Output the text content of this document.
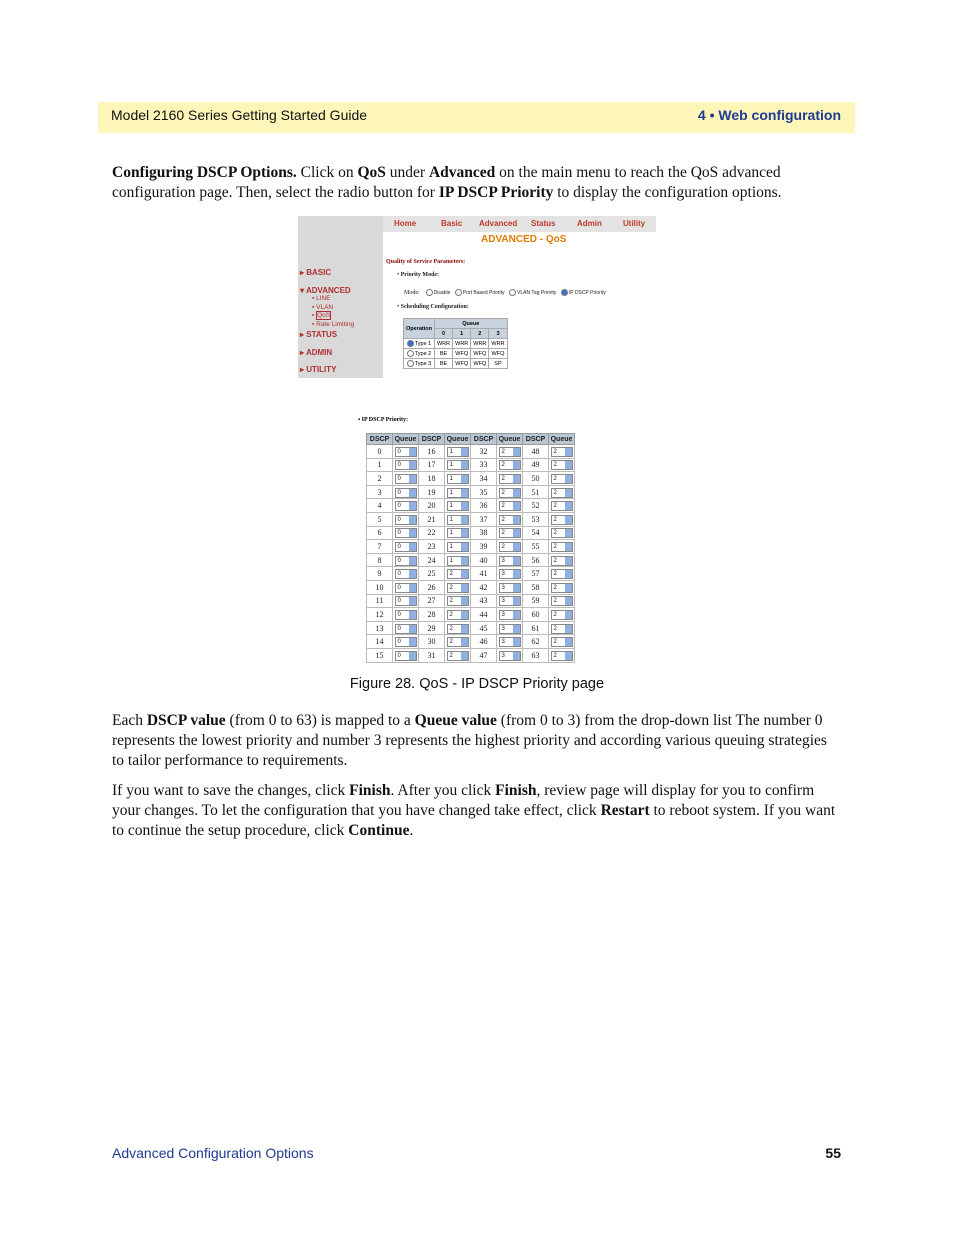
Model 2160 Series Getting Started Guide	4 • Web configuration
Configuring DSCP Options. Click on QoS under Advanced on the main menu to reach the QoS advanced configuration page. Then, select the radio button for IP DSCP Priority to display the configuration options.
Home	Basic Advanced Status	Admin	Utility
ADVANCED - QoS
▸ BASIC
▾ ADVANCED
▪ LINE
▪ VLAN
▪ QoS
▪ Rate Limiting
▸ STATUS
▸ ADMIN
▸ UTILITY
Quality of Service Parameters:
• Priority Mode:
Mode:	Disable	Port Based Priority	VLAN Tag Priority	IP DSCP Priority
• Scheduling Configuration:
Operation	Queue			
	0	1	2	3
Type 1	WRR	WRR	WRR	WRR
Type 2	BE	WFQ	WFQ	WFQ
Type 3	BE	WFQ	WFQ	SP
▪ IP DSCP Priority:
DSCP	Queue	DSCP	Queue	DSCP	Queue	DSCP	Queue
0	0	16	1	32	2	48	2

1	0	17	1	33	2	49	2

2	0	18	1	34	2	50	2

3	0	19	1	35	2	51	2

4	0	20	1	36	2	52	2

5	0	21	1	37	2	53	2

6	0	22	1	38	2	54	2

7	0	23	1	39	2	55	2

8	0	24	1	40	3	56	2

9	0	25	2	41	3	57	2

10	0	26	2	42	3	58	2

11	0	27	2	43	3	59	2

12	0	28	2	44	3	60	2

13	0	29	2	45	3	61	2

14	0	30	2	46	3	62	2

15	0	31	2	47	3	63	2
Figure 28. QoS - IP DSCP Priority page
Each DSCP value (from 0 to 63) is mapped to a Queue value (from 0 to 3) from the drop-down list The number 0 represents the lowest priority and number 3 represents the highest priority and according various queuing strategies to tailor performance to requirements.
If you want to save the changes, click Finish. After you click Finish, review page will display for you to confirm your changes. To let the configuration that you have changed take effect, click Restart to reboot system. If you want to continue the setup procedure, click Continue.
Advanced Configuration Options	55
